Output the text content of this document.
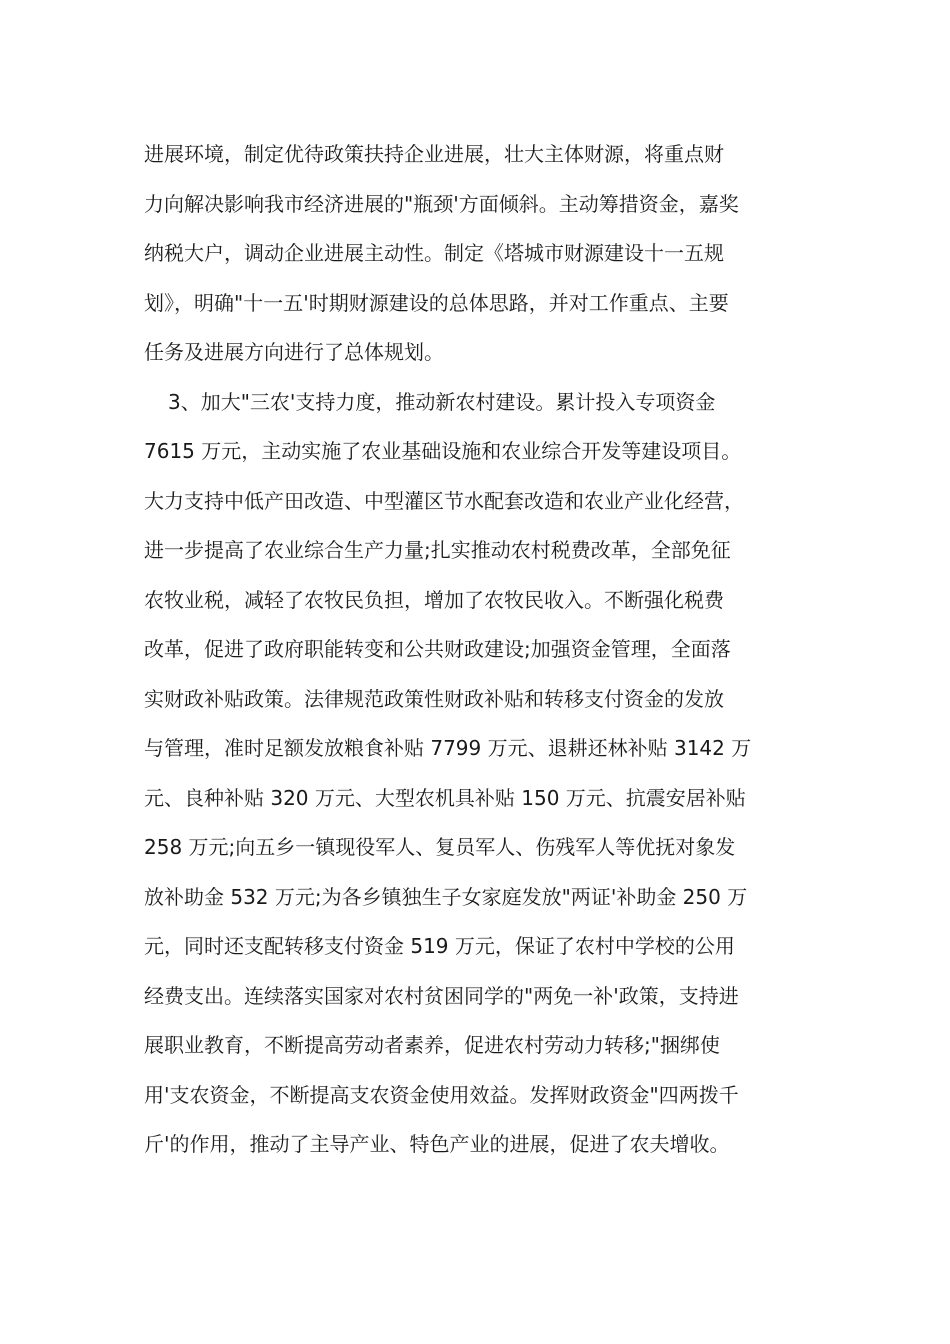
进展环境，制定优待政策扶持企业进展，壮大主体财源，将重点财
力向解决影响我市经济进展的"瓶颈'方面倾斜。主动筹措资金，嘉奖
纳税大户，调动企业进展主动性。制定《塔城市财源建设十一五规
划》，明确"十一五'时期财源建设的总体思路，并对工作重点、主要
任务及进展方向进行了总体规划。
3、加大"三农'支持力度，推动新农村建设。累计投入专项资金
7615 万元，主动实施了农业基础设施和农业综合开发等建设项目。
大力支持中低产田改造、中型灌区节水配套改造和农业产业化经营，
进一步提高了农业综合生产力量;扎实推动农村税费改革，全部免征
农牧业税，减轻了农牧民负担，增加了农牧民收入。不断强化税费
改革，促进了政府职能转变和公共财政建设;加强资金管理，全面落
实财政补贴政策。法律规范政策性财政补贴和转移支付资金的发放
与管理，准时足额发放粮食补贴 7799 万元、退耕还林补贴 3142 万
元、良种补贴 320 万元、大型农机具补贴 150 万元、抗震安居补贴
258 万元;向五乡一镇现役军人、复员军人、伤残军人等优抚对象发
放补助金 532 万元;为各乡镇独生子女家庭发放"两证'补助金 250 万
元，同时还支配转移支付资金 519 万元，保证了农村中学校的公用
经费支出。连续落实国家对农村贫困同学的"两免一补'政策，支持进
展职业教育，不断提高劳动者素养，促进农村劳动力转移;"捆绑使
用'支农资金，不断提高支农资金使用效益。发挥财政资金"四两拨千
斤'的作用，推动了主导产业、特色产业的进展，促进了农夫增收。
